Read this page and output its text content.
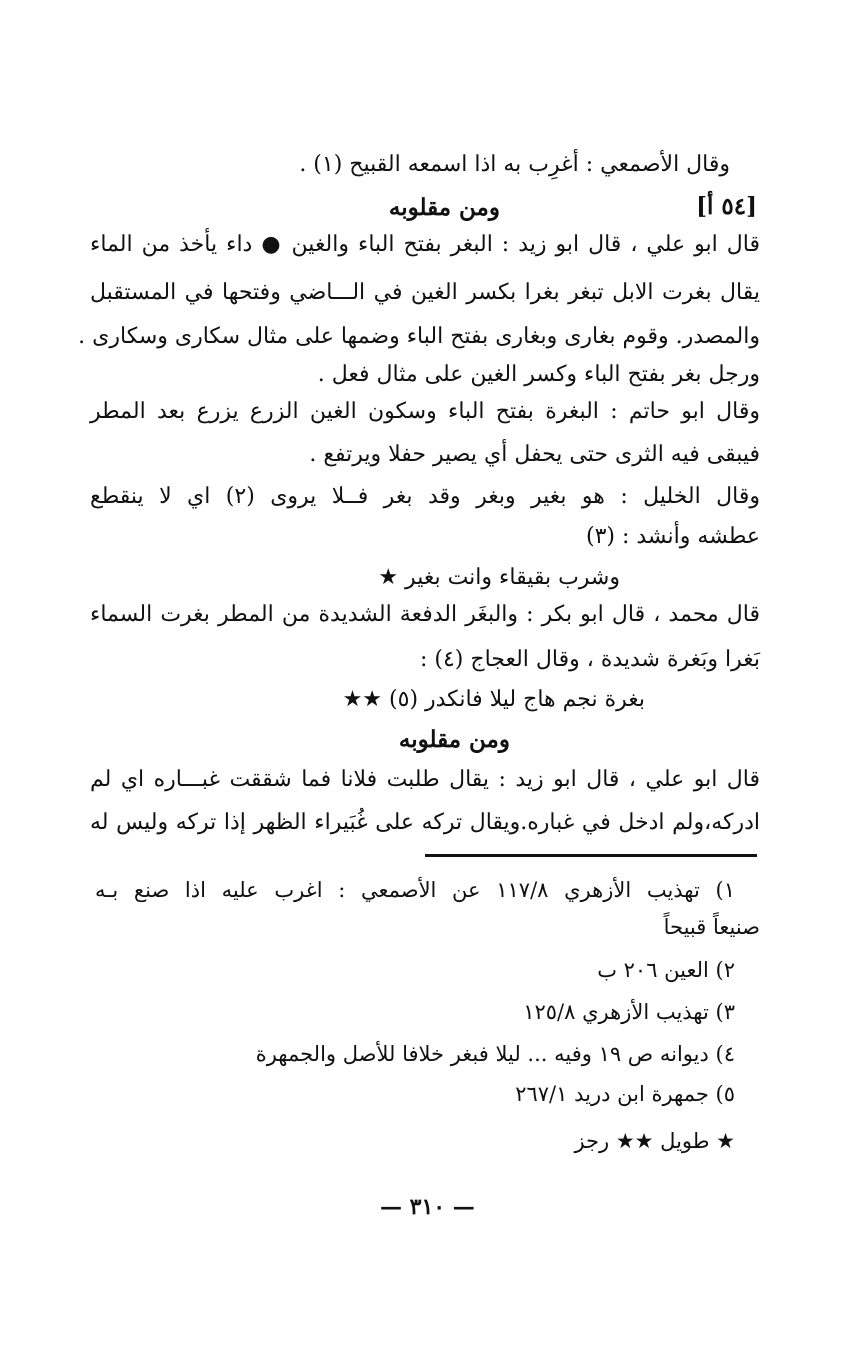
وقال الأصمعي : أغرِب به اذا اسمعه القبيح (١) .
[٥٤ أ]
ومن مقلوبه
قال ابو علي ، قال ابو زيد : البغر بفتح الباء والغين ● داء يأخذ من الماء
يقال بغرت الابل تبغر بغرا بكسر الغين في الـــاضي وفتحها في المستقبل
والمصدر. وقوم بغارى وبغارى بفتح الباء وضمها على مثال سكارى وسكارى .
ورجل بغر بفتح الباء وكسر الغين على مثال فعل .
وقال ابو حاتم : البغرة بفتح الباء وسكون الغين الزرع يزرع بعد المطر
فيبقى فيه الثرى حتى يحفل أي يصير حفلا ويرتفع .
وقال الخليل : هو بغير وبغر وقد بغر فــلا يروى (٢) اي لا ينقطع
عطشه وأنشد : (٣)
وشرب بقيقاء وانت بغير ★
قال محمد ، قال ابو بكر : والبغَر الدفعة الشديدة من المطر بغرت السماء
بَغرا وبَغرة شديدة ، وقال العجاج (٤) :
بغرة نجم هاج ليلا فانكدر (٥) ★★
ومن مقلوبه
قال ابو علي ، قال ابو زيد : يقال طلبت فلانا فما شققت غبـــاره اي لم
ادركه،ولم ادخل في غباره.ويقال تركه على غُبَيراء الظهر إذا تركه وليس له
١) تهذيب الأزهري ١١٧/٨ عن الأصمعي : اغرب عليه اذا صنع بـه
صنيعاً قبيحاً
٢) العين ٢٠٦ ب
٣) تهذيب الأزهري ١٢٥/٨
٤) ديوانه ص ١٩ وفيه ... ليلا فبغر خلافا للأصل والجمهرة
٥) جمهرة ابن دريد ٢٦٧/١
★ طويل ★★ رجز
— ٣١٠ —
